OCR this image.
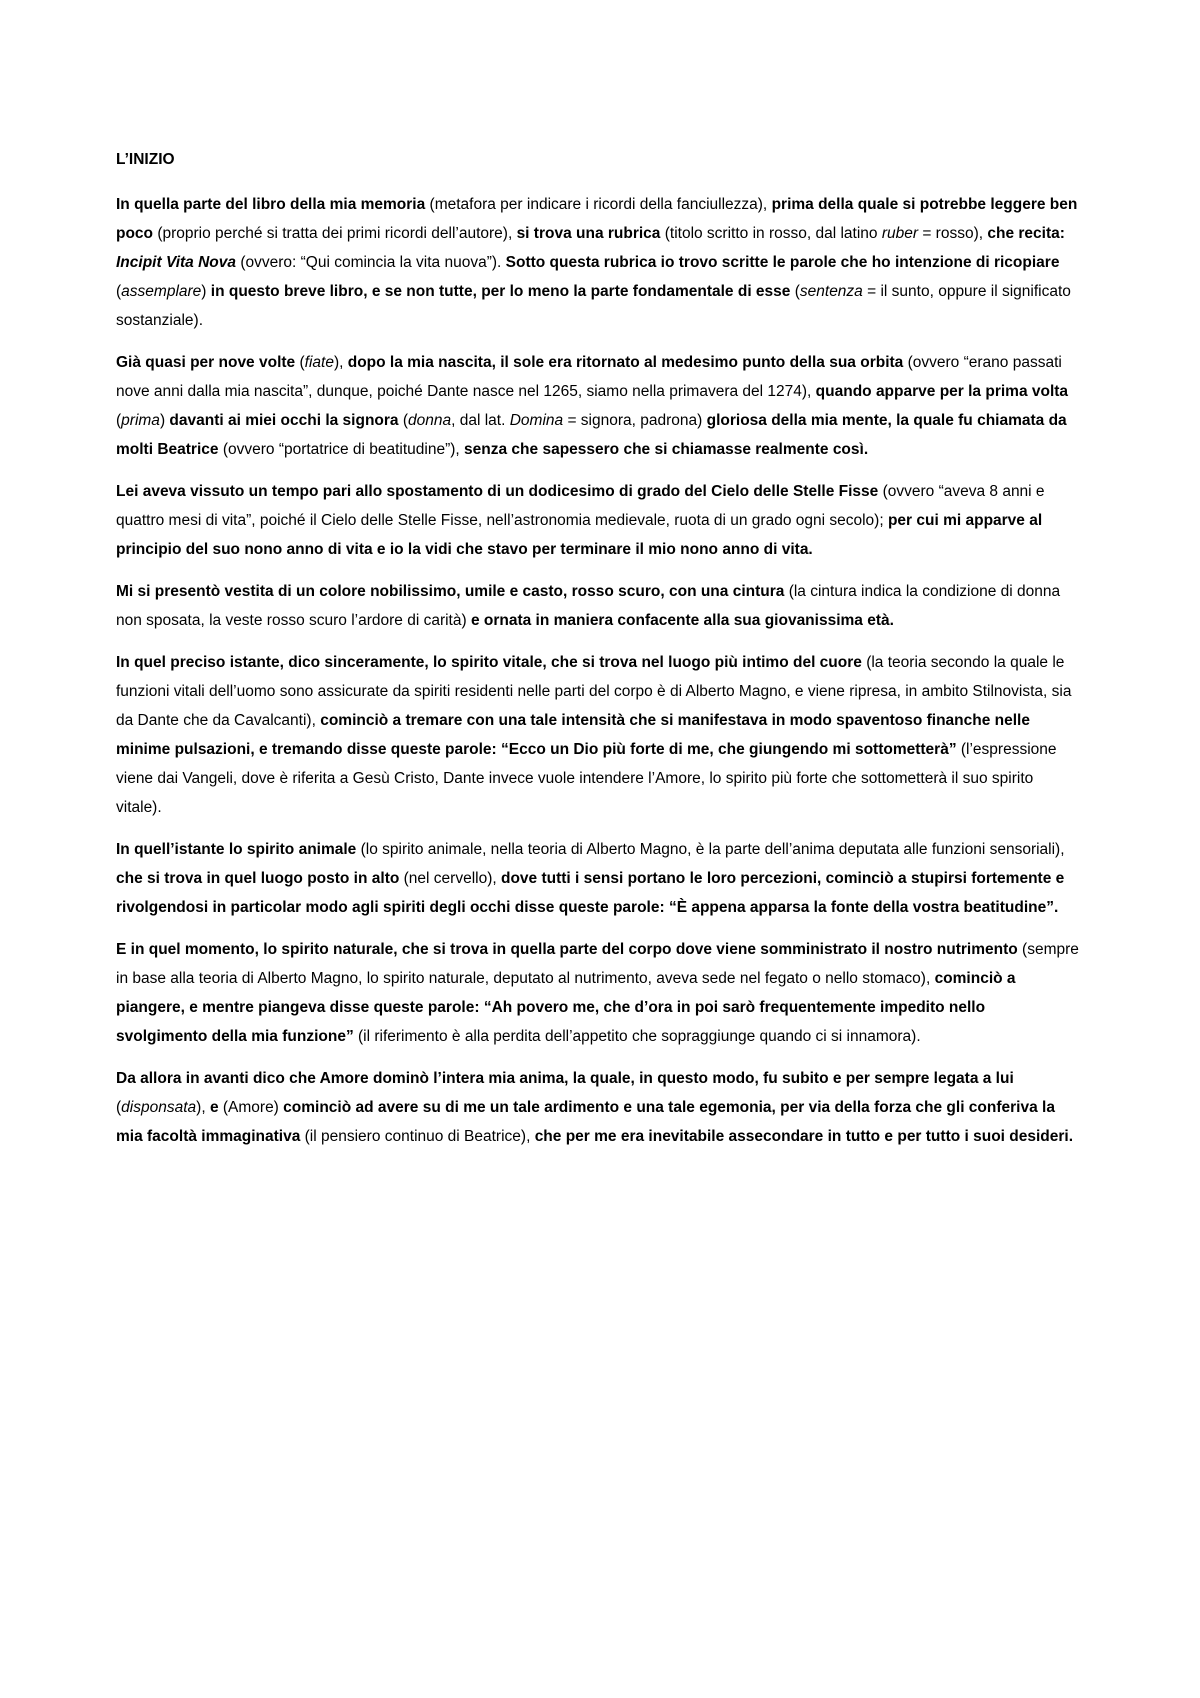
L’INIZIO

In quella parte del libro della mia memoria (metafora per indicare i ricordi della fanciullezza), prima della quale si potrebbe leggere ben poco (proprio perché si tratta dei primi ricordi dell’autore), si trova una rubrica (titolo scritto in rosso, dal latino ruber = rosso), che recita: Incipit Vita Nova (ovvero: “Qui comincia la vita nuova”). Sotto questa rubrica io trovo scritte le parole che ho intenzione di ricopiare (assemplare) in questo breve libro, e se non tutte, per lo meno la parte fondamentale di esse (sentenza = il sunto, oppure il significato sostanziale).

Già quasi per nove volte (fiate), dopo la mia nascita, il sole era ritornato al medesimo punto della sua orbita (ovvero “erano passati nove anni dalla mia nascita”, dunque, poiché Dante nasce nel 1265, siamo nella primavera del 1274), quando apparve per la prima volta (prima) davanti ai miei occhi la signora (donna, dal lat. Domina = signora, padrona) gloriosa della mia mente, la quale fu chiamata da molti Beatrice (ovvero “portatrice di beatitudine”), senza che sapessero che si chiamasse realmente così.

Lei aveva vissuto un tempo pari allo spostamento di un dodicesimo di grado del Cielo delle Stelle Fisse (ovvero “aveva 8 anni e quattro mesi di vita”, poiché il Cielo delle Stelle Fisse, nell’astronomia medievale, ruota di un grado ogni secolo); per cui mi apparve al principio del suo nono anno di vita e io la vidi che stavo per terminare il mio nono anno di vita.

Mi si presentò vestita di un colore nobilissimo, umile e casto, rosso scuro, con una cintura (la cintura indica la condizione di donna non sposata, la veste rosso scuro l’ardore di carità) e ornata in maniera confacente alla sua giovanissima età.

In quel preciso istante, dico sinceramente, lo spirito vitale, che si trova nel luogo più intimo del cuore (la teoria secondo la quale le funzioni vitali dell’uomo sono assicurate da spiriti residenti nelle parti del corpo è di Alberto Magno, e viene ripresa, in ambito Stilnovista, sia da Dante che da Cavalcanti), cominciò a tremare con una tale intensità che si manifestava in modo spaventoso finanche nelle minime pulsazioni, e tremando disse queste parole: “Ecco un Dio più forte di me, che giungendo mi sottometterà” (l’espressione viene dai Vangeli, dove è riferita a Gesù Cristo, Dante invece vuole intendere l’Amore, lo spirito più forte che sottometterà il suo spirito vitale).

In quell’istante lo spirito animale (lo spirito animale, nella teoria di Alberto Magno, è la parte dell’anima deputata alle funzioni sensoriali), che si trova in quel luogo posto in alto (nel cervello), dove tutti i sensi portano le loro percezioni, cominciò a stupirsi fortemente e rivolgendosi in particolar modo agli spiriti degli occhi disse queste parole: “È appena apparsa la fonte della vostra beatitudine”.

E in quel momento, lo spirito naturale, che si trova in quella parte del corpo dove viene somministrato il nostro nutrimento (sempre in base alla teoria di Alberto Magno, lo spirito naturale, deputato al nutrimento, aveva sede nel fegato o nello stomaco), cominciò a piangere, e mentre piangeva disse queste parole: “Ah povero me, che d’ora in poi sarò frequentemente impedito nello svolgimento della mia funzione” (il riferimento è alla perdita dell’appetito che sopraggiunge quando ci si innamora).

Da allora in avanti dico che Amore dominò l’intera mia anima, la quale, in questo modo, fu subito e per sempre legata a lui (disponsata), e (Amore) cominciò ad avere su di me un tale ardimento e una tale egemonia, per via della forza che gli conferiva la mia facoltà immaginativa (il pensiero continuo di Beatrice), che per me era inevitabile assecondare in tutto e per tutto i suoi desideri.
